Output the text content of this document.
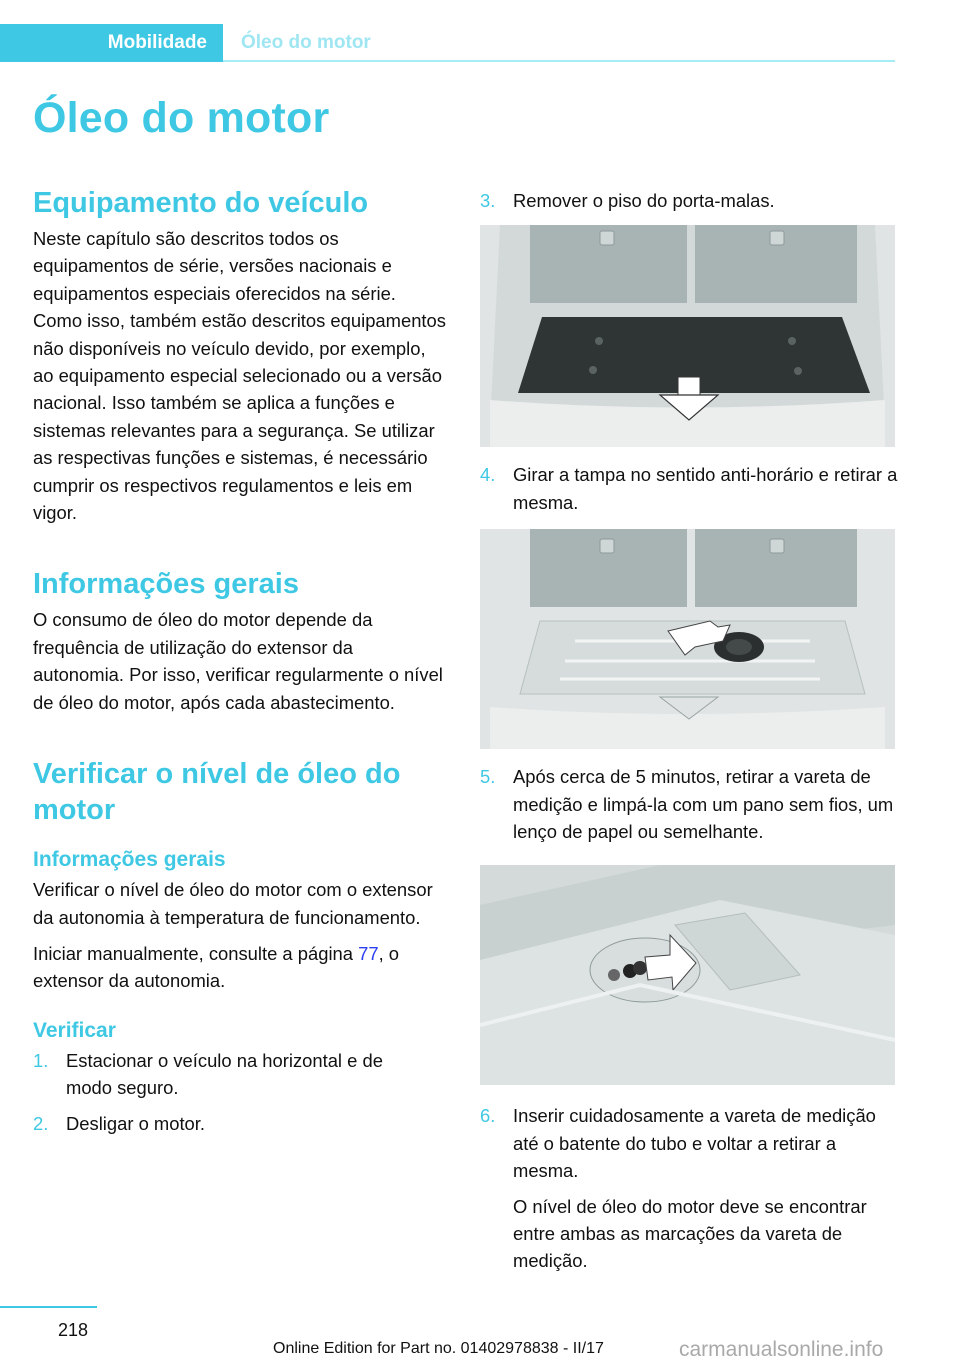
Mobilidade Óleo do motor
Óleo do motor
Equipamento do veículo

Neste capítulo são descritos todos os equipamentos de série, versões nacionais e equipamentos especiais oferecidos na série. Como isso, também estão descritos equipamentos não disponíveis no veículo devido, por exemplo, ao equipamento especial selecionado ou a versão nacional. Isso também se aplica a funções e sistemas relevantes para a segurança. Se utilizar as respectivas funções e sistemas, é necessário cumprir os respectivos regulamentos e leis em vigor.

Informações gerais

O consumo de óleo do motor depende da frequência de utilização do extensor da autonomia. Por isso, verificar regularmente o nível de óleo do motor, após cada abastecimento.

Verificar o nível de óleo do motor
Informações gerais

Verificar o nível de óleo do motor com o extensor da autonomia à temperatura de funcionamento.

Iniciar manualmente, consulte a página 77, o extensor da autonomia.

Verificar
1. Estacionar o veículo na horizontal e de modo seguro.
2. Desligar o motor.
3. Remover o piso do porta-malas.
4. Girar a tampa no sentido anti-horário e retirar a mesma.
5. Após cerca de 5 minutos, retirar a vareta de medição e limpá-la com um pano sem fios, um lenço de papel ou semelhante.
6. Inserir cuidadosamente a vareta de medição até o batente do tubo e voltar a retirar a mesma.
O nível de óleo do motor deve se encontrar entre ambas as marcações da vareta de medição.
218
Online Edition for Part no. 01402978838 - II/17	carmanualsonline.info
